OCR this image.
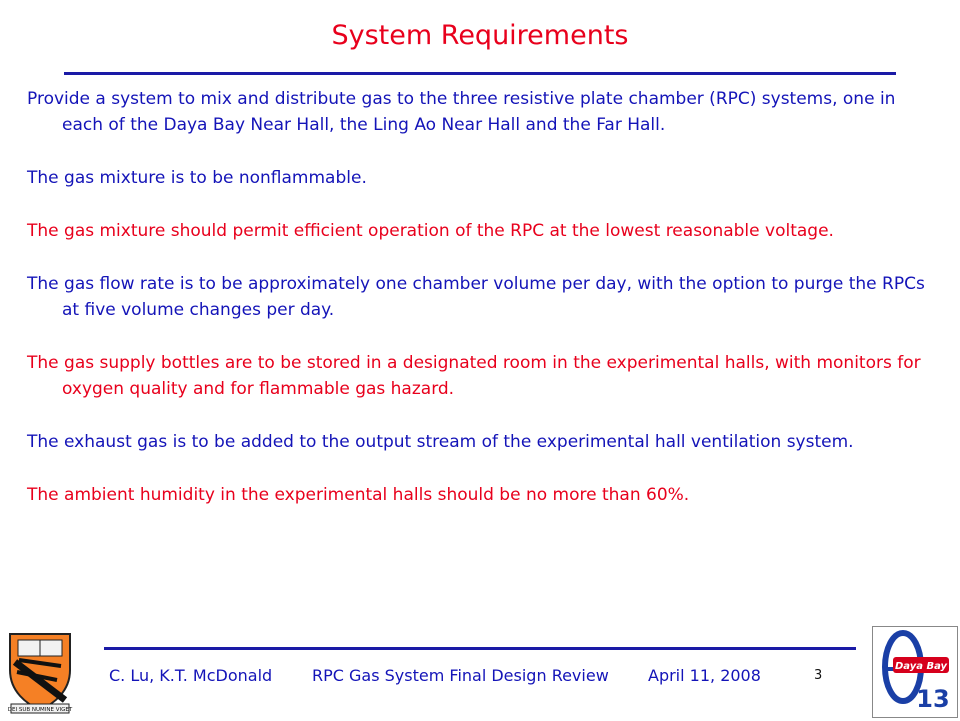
System Requirements

Provide a system to mix and distribute gas to the three resistive plate chamber (RPC) systems, one in each of the Daya Bay Near Hall, the Ling Ao Near Hall and the Far Hall.

The gas mixture is to be nonflammable.

The gas mixture should permit efficient operation of the RPC at the lowest reasonable voltage.

The gas flow rate is to be approximately one chamber volume per day, with the option to purge the RPCs at five volume changes per day.

The gas supply bottles are to be stored in a designated room in the experimental halls, with monitors for oxygen quality and for flammable gas hazard.

The exhaust gas is to be added to the output stream of the experimental hall ventilation system.

The ambient humidity in the experimental halls should be no more than 60%.

DEI SUB NUMINE VIGET
C. Lu, K.T. McDonald RPC Gas System Final Design Review April 11, 2008	3
Daya Bay
13
